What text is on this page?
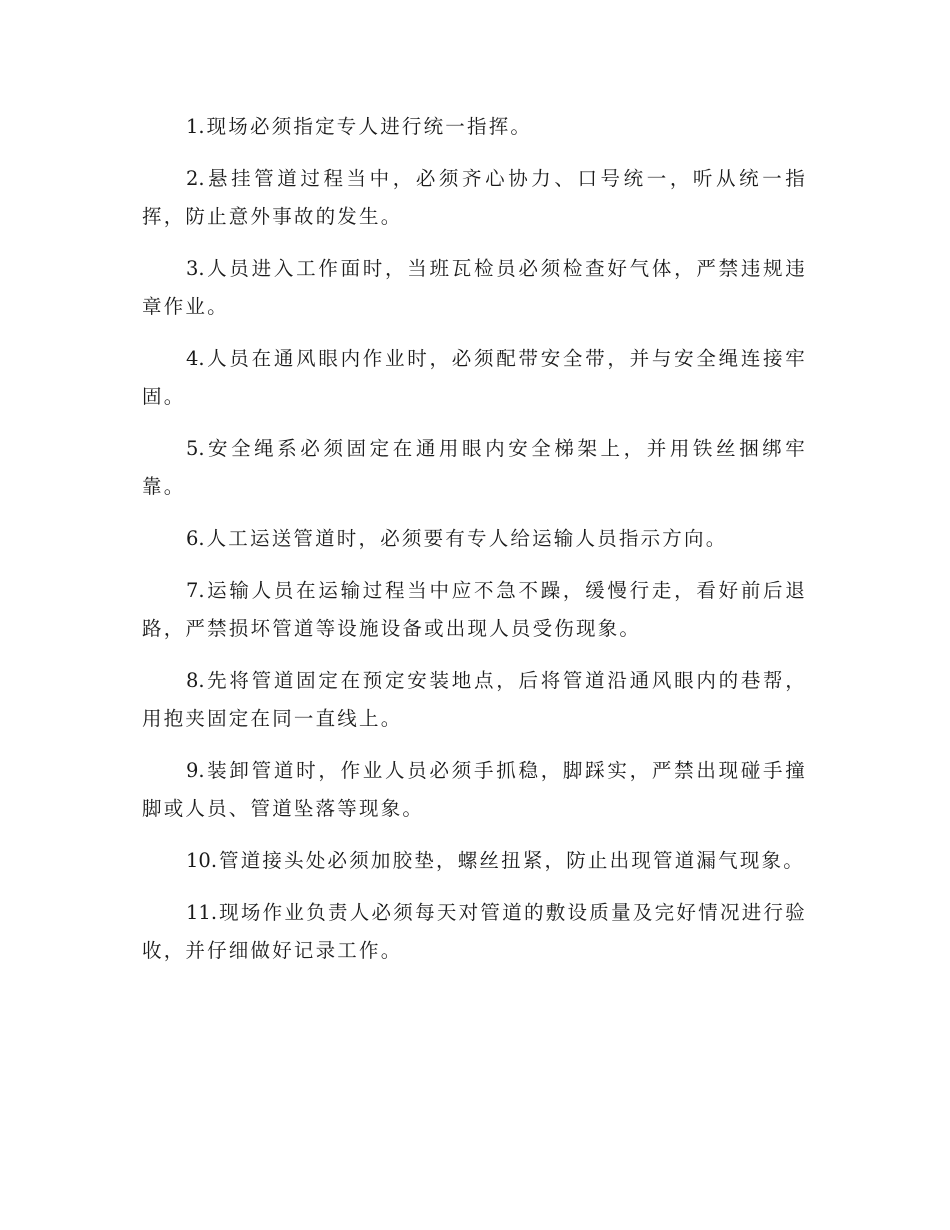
1. 现场必须指定专人进行统一指挥。

2. 悬挂管道过程当中，必须齐心协力、口号统一，听从统一指挥，防止意外事故的发生。

3. 人员进入工作面时，当班瓦检员必须检查好气体，严禁违规违章作业。

4. 人员在通风眼内作业时，必须配带安全带，并与安全绳连接牢固。

5. 安全绳系必须固定在通用眼内安全梯架上，并用铁丝捆绑牢靠。

6. 人工运送管道时，必须要有专人给运输人员指示方向。

7. 运输人员在运输过程当中应不急不躁，缓慢行走，看好前后退路，严禁损坏管道等设施设备或出现人员受伤现象。

8. 先将管道固定在预定安装地点，后将管道沿通风眼内的巷帮，用抱夹固定在同一直线上。

9. 装卸管道时，作业人员必须手抓稳，脚踩实，严禁出现碰手撞脚或人员、管道坠落等现象。

10. 管道接头处必须加胶垫，螺丝扭紧，防止出现管道漏气现象。

11. 现场作业负责人必须每天对管道的敷设质量及完好情况进行验收，并仔细做好记录工作。
